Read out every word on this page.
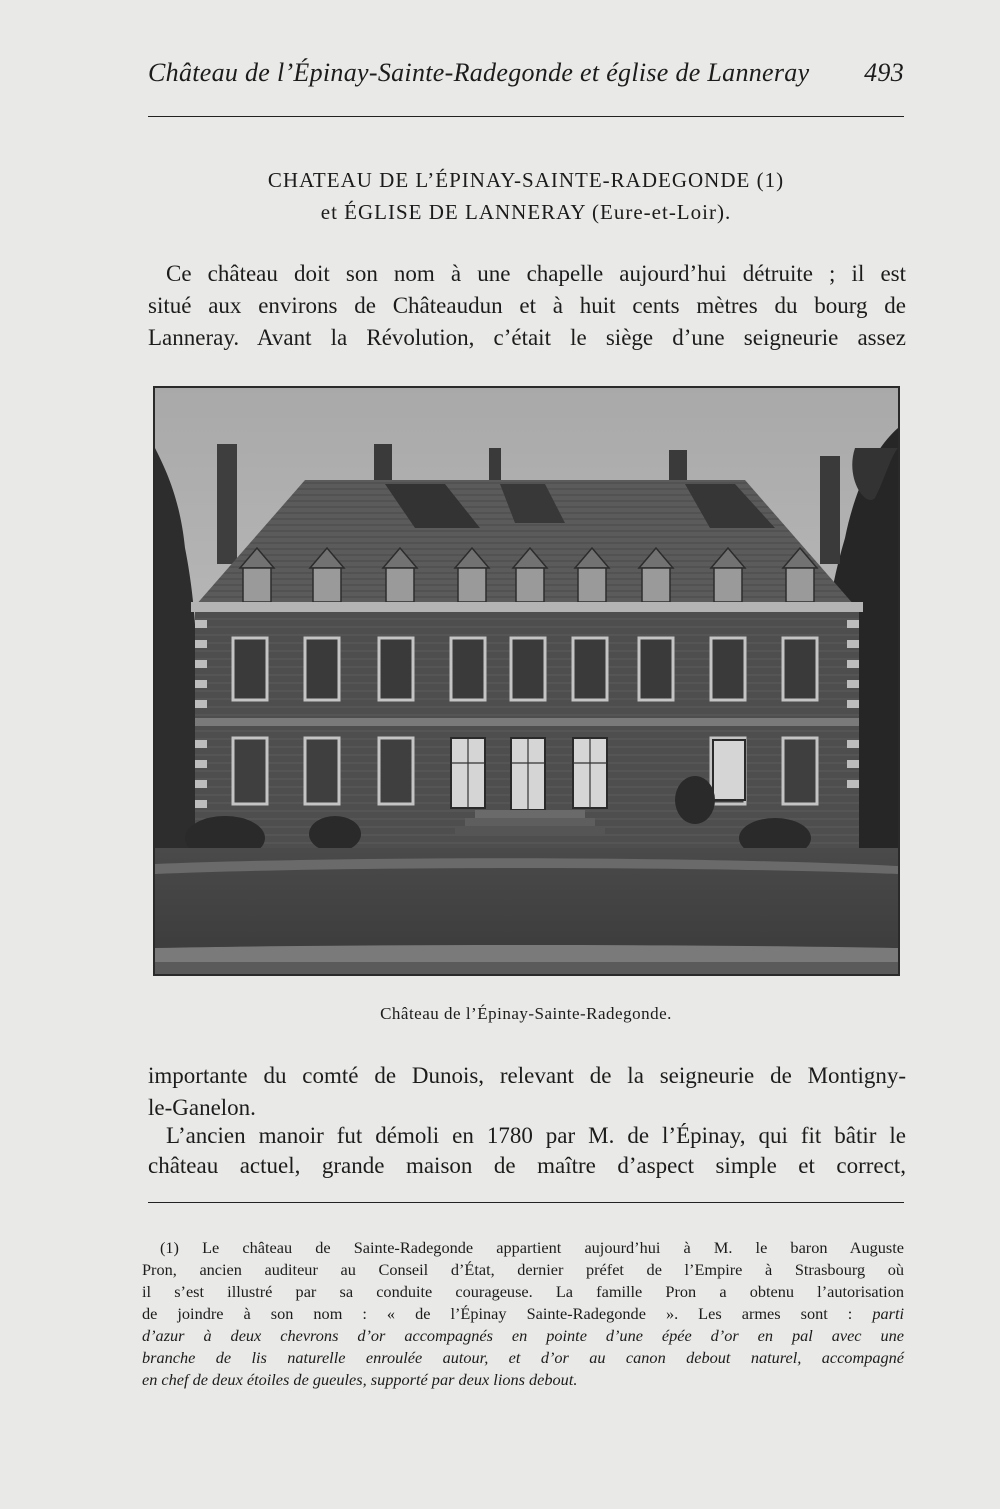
Château de l’Épinay-Sainte-Radegonde et église de Lanneray 493
CHATEAU DE L’ÉPINAY-SAINTE-RADEGONDE (1)
et ÉGLISE DE LANNERAY (Eure-et-Loir).
Ce château doit son nom à une chapelle aujourd’hui détruite ; il est
situé aux environs de Châteaudun et à huit cents mètres du bourg de
Lanneray. Avant la Révolution, c’était le siège d’une seigneurie assez
Château de l’Épinay-Sainte-Radegonde.
importante du comté de Dunois, relevant de la seigneurie de Montigny-
le-Ganelon.
L’ancien manoir fut démoli en 1780 par M. de l’Épinay, qui fit bâtir le
château actuel, grande maison de maître d’aspect simple et correct,
(1) Le château de Sainte-Radegonde appartient aujourd’hui à M. le baron Auguste
Pron, ancien auditeur au Conseil d’État, dernier préfet de l’Empire à Strasbourg où
il s’est illustré par sa conduite courageuse. La famille Pron a obtenu l’autorisation
de joindre à son nom : « de l’Épinay Sainte-Radegonde ». Les armes sont : parti
d’azur à deux chevrons d’or accompagnés en pointe d’une épée d’or en pal avec une
branche de lis naturelle enroulée autour, et d’or au canon debout naturel, accompagné
en chef de deux étoiles de gueules, supporté par deux lions debout.
